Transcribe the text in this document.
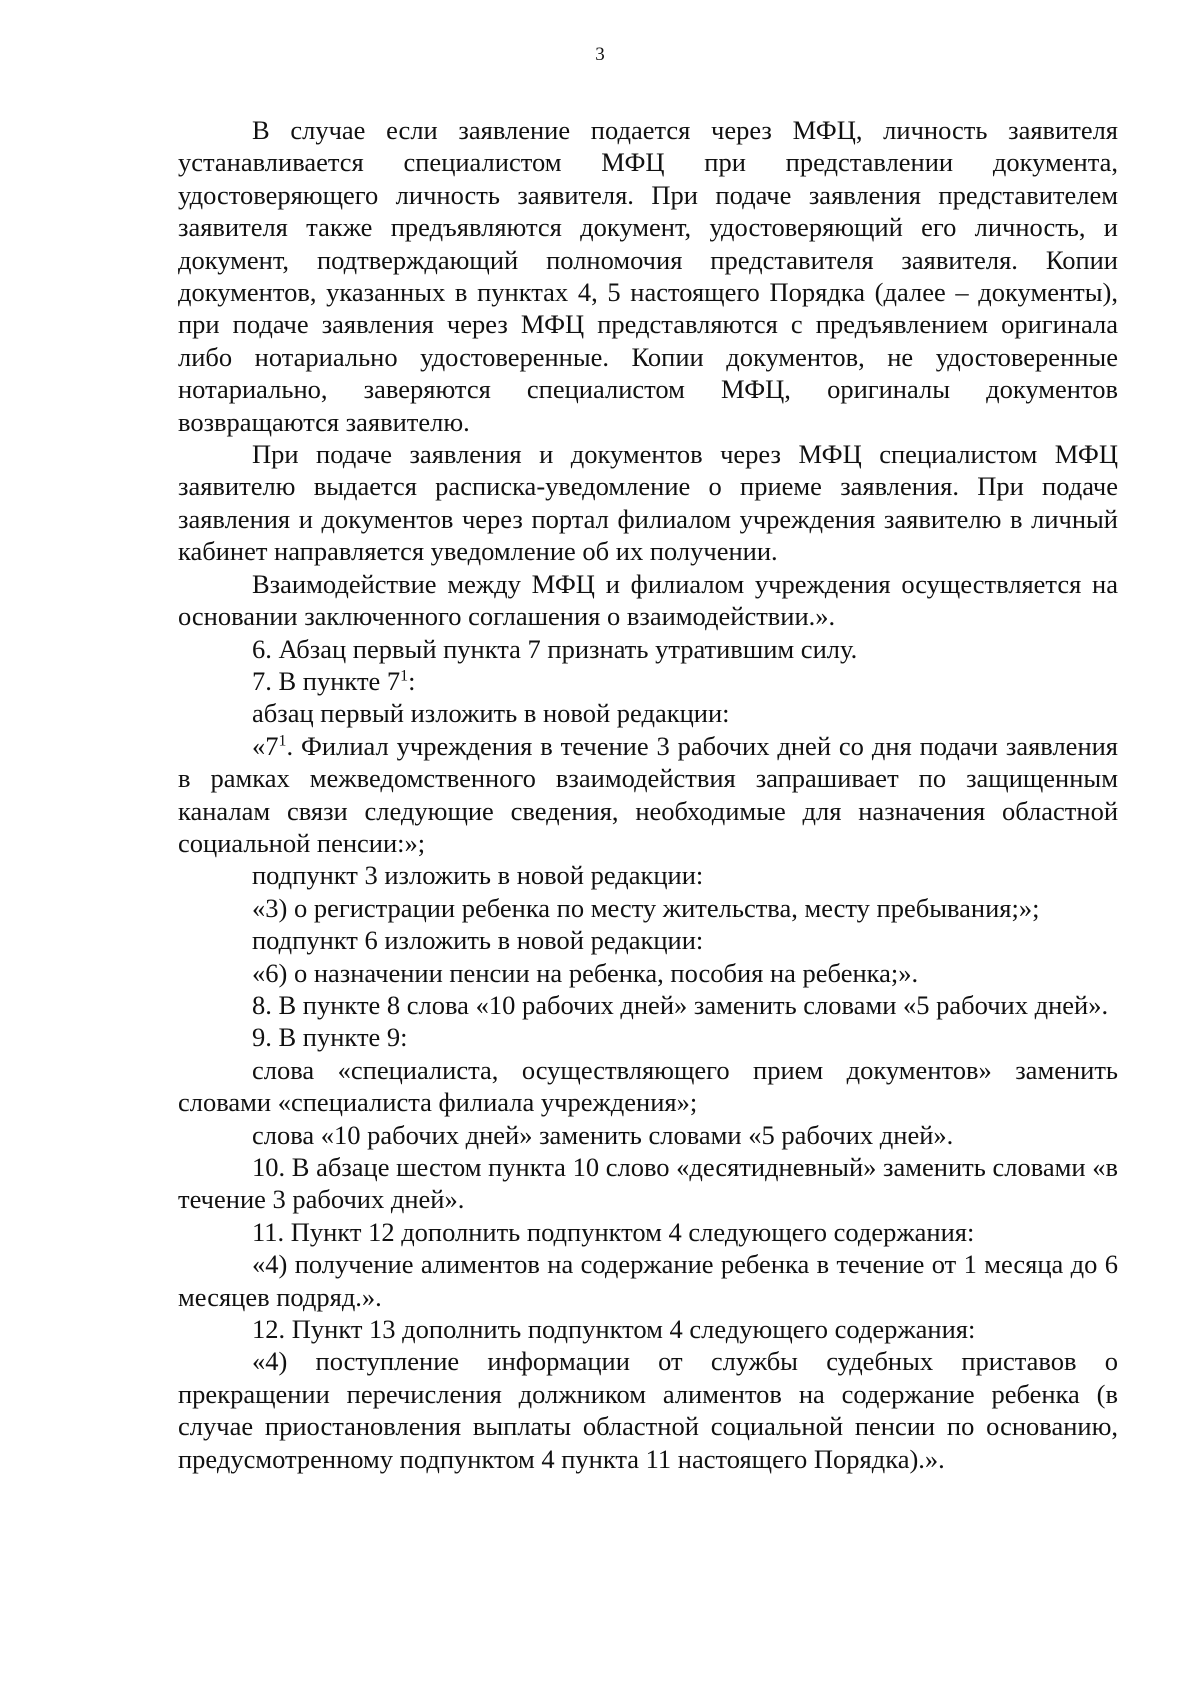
3

В случае если заявление подается через МФЦ, личность заявителя устанавливается специалистом МФЦ при представлении документа, удостоверяющего личность заявителя. При подаче заявления представителем заявителя также предъявляются документ, удостоверяющий его личность, и документ, подтверждающий полномочия представителя заявителя. Копии документов, указанных в пунктах 4, 5 настоящего Порядка (далее – документы), при подаче заявления через МФЦ представляются с предъявлением оригинала либо нотариально удостоверенные. Копии документов, не удостоверенные нотариально, заверяются специалистом МФЦ, оригиналы документов возвращаются заявителю.

При подаче заявления и документов через МФЦ специалистом МФЦ заявителю выдается расписка-уведомление о приеме заявления. При подаче заявления и документов через портал филиалом учреждения заявителю в личный кабинет направляется уведомление об их получении.

Взаимодействие между МФЦ и филиалом учреждения осуществляется на основании заключенного соглашения о взаимодействии.».

6. Абзац первый пункта 7 признать утратившим силу.

7. В пункте $7^1$:

абзац первый изложить в новой редакции:

«$7^1$. Филиал учреждения в течение 3 рабочих дней со дня подачи заявления в рамках межведомственного взаимодействия запрашивает по защищенным каналам связи следующие сведения, необходимые для назначения областной социальной пенсии:»;

подпункт 3 изложить в новой редакции:

«3) о регистрации ребенка по месту жительства, месту пребывания;»;

подпункт 6 изложить в новой редакции:

«6) о назначении пенсии на ребенка, пособия на ребенка;».

8. В пункте 8 слова «10 рабочих дней» заменить словами «5 рабочих дней».

9. В пункте 9:

слова «специалиста, осуществляющего прием документов» заменить словами «специалиста филиала учреждения»;

слова «10 рабочих дней» заменить словами «5 рабочих дней».

10. В абзаце шестом пункта 10 слово «десятидневный» заменить словами «в течение 3 рабочих дней».

11. Пункт 12 дополнить подпунктом 4 следующего содержания:

«4) получение алиментов на содержание ребенка в течение от 1 месяца до 6 месяцев подряд.».

12. Пункт 13 дополнить подпунктом 4 следующего содержания:

«4) поступление информации от службы судебных приставов о прекращении перечисления должником алиментов на содержание ребенка (в случае приостановления выплаты областной социальной пенсии по основанию, предусмотренному подпунктом 4 пункта 11 настоящего Порядка).».
